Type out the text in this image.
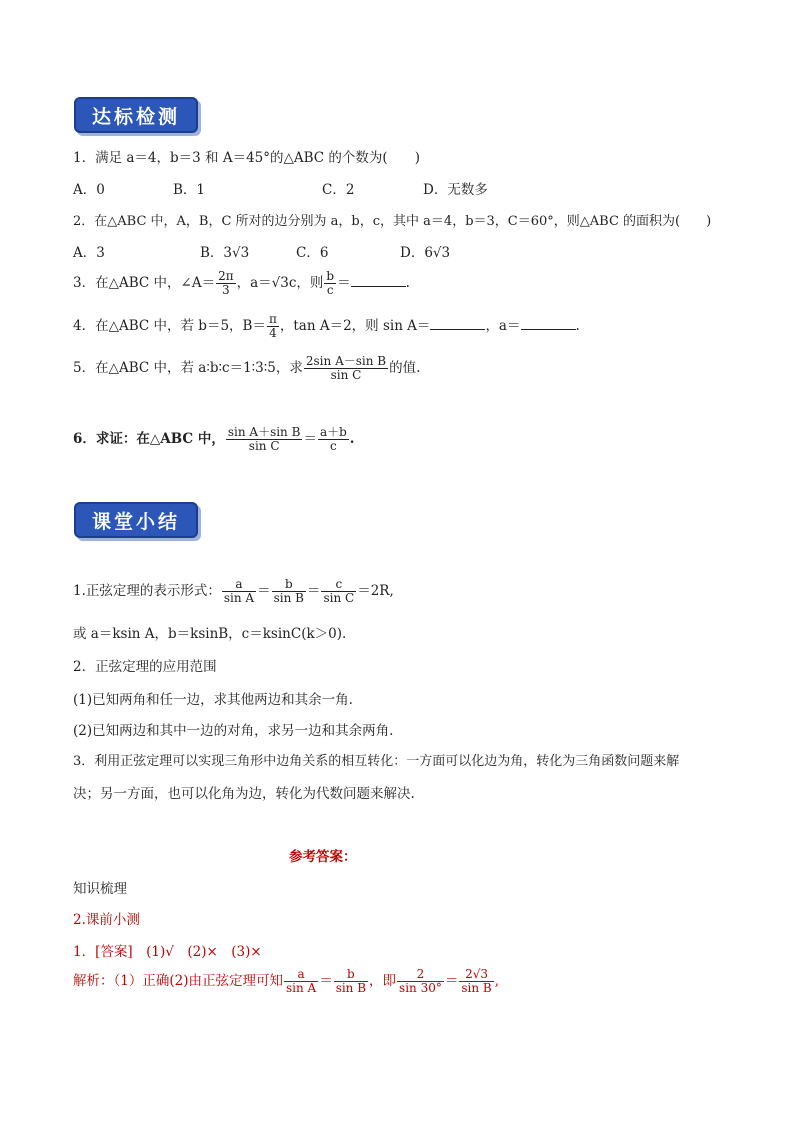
达标检测
1．满足 a＝4，b＝3 和 A＝45°的△ABC 的个数为(　　)
A．0	B．1	C．2	D．无数多
2．在△ABC 中，A，B，C 所对的边分别为 a，b，c，其中 a＝4，b＝3，C＝60°，则△ABC 的面积为(　　)
A．3	B．3√3	C．6	D．6√3
3．在△ABC 中，∠A＝ $\frac{2\pi}{3}$ ，a＝√3c，则 $\frac{b}{c}$ ＝	.
4．在△ABC 中，若 b＝5，$B= \frac{\pi}{4}$ ，tan A＝2，则 sin A＝	，a＝	.
5．在△ABC 中，若 a∶b∶c＝1∶3∶5，求 $\frac{\text{2sin A－sin B}}{\text{sin C}}$ 的值.
6．求证：在△ABC 中， $\frac{\text{sin A＋sin B}}{\text{sin C}} = \frac{a+b}{c}$ .
课堂小结
1.正弦定理的表示形式： $\frac{a}{\text{sin A}} = \frac{b}{\text{sin B}} = \frac{c}{\text{sin C}} =2R$,
或 a＝ksin A，b＝ksinB，c＝ksinC(k＞0).
2．正弦定理的应用范围
(1)已知两角和任一边，求其他两边和其余一角.
(2)已知两边和其中一边的对角，求另一边和其余两角.
3．利用正弦定理可以实现三角形中边角关系的相互转化：一方面可以化边为角，转化为三角函数问题来解
决；另一方面，也可以化角为边，转化为代数问题来解决.
参考答案：
知识梳理
2.课前小测
1．[答案]　(1)√　(2)×　(3)×
解析：（1）正确(2)由正弦定理可知 $\frac{a}{\text{sin A}} = \frac{b}{\text{sin B}}$ ，即 $\frac{2}{\sin 30^\circ} = \frac{2√3}{\text{sin B}}$ ,
